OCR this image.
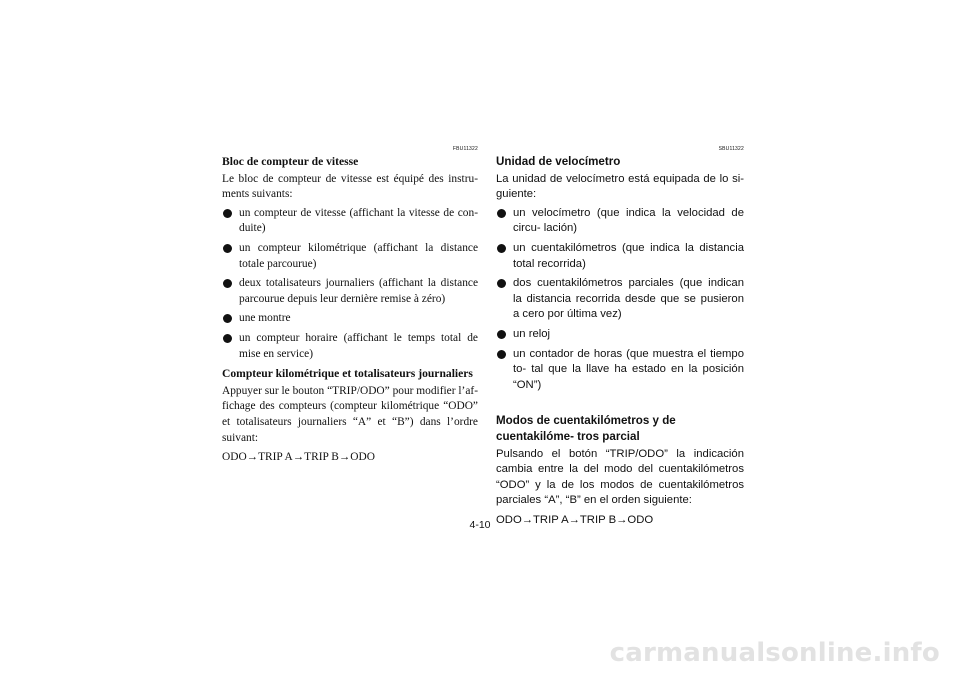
FBU11322
Bloc de compteur de vitesse

Le bloc de compteur de vitesse est équipé des instru- ments suivants:

un compteur de vitesse (affichant la vitesse de con- duite)
un compteur kilométrique (affichant la distance totale parcourue)
deux totalisateurs journaliers (affichant la distance parcourue depuis leur dernière remise à zéro)
une montre
un compteur horaire (affichant le temps total de mise en service)
Compteur kilométrique et totalisateurs journaliers

Appuyer sur le bouton “TRIP/ODO” pour modifier l’af- fichage des compteurs (compteur kilométrique “ODO” et totalisateurs journaliers “A” et “B”) dans l’ordre suivant:

ODO→TRIP A→TRIP B→ODO

SBU11322
Unidad de velocímetro

La unidad de velocímetro está equipada de lo si- guiente:

un velocímetro (que indica la velocidad de circu- lación)
un cuentakilómetros (que indica la distancia total recorrida)
dos cuentakilómetros parciales (que indican la distancia recorrida desde que se pusieron a cero por última vez)
un reloj
un contador de horas (que muestra el tiempo to- tal que la llave ha estado en la posición “ON”)
Modos de cuentakilómetros y de cuentakilóme- tros parcial

Pulsando el botón “TRIP/ODO” la indicación cambia entre la del modo del cuentakilómetros “ODO” y la de los modos de cuentakilómetros parciales “A”, “B” en el orden siguiente:

ODO→TRIP A→TRIP B→ODO

4-10
carmanualsonline.info
